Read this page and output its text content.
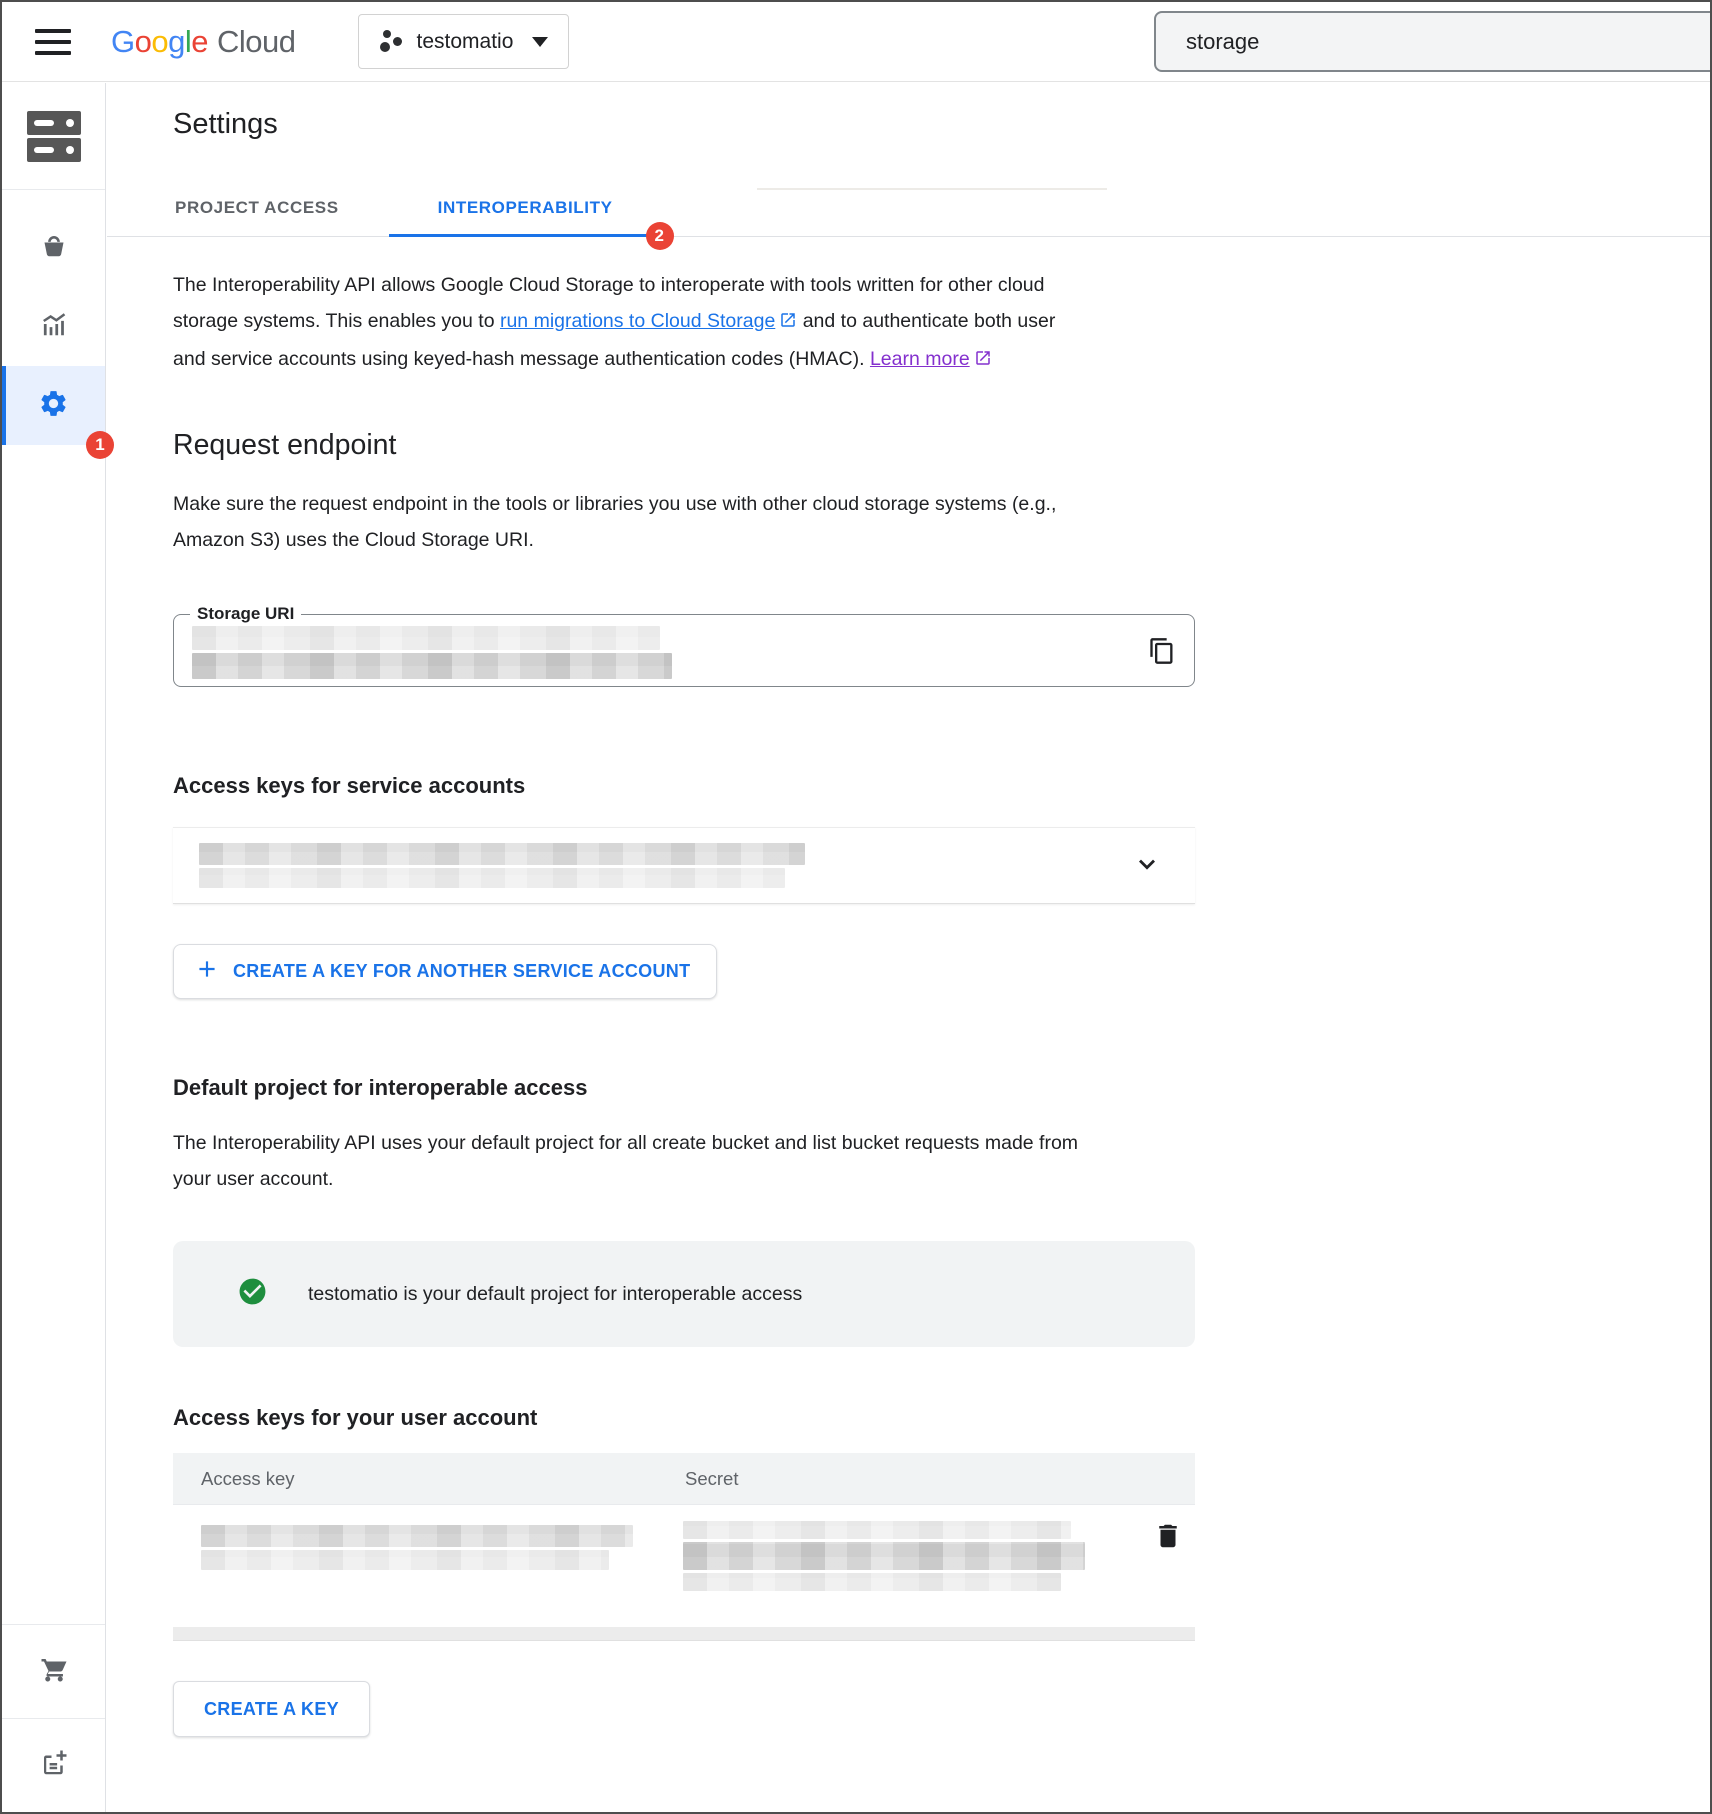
G o o g l e Cloud	testomatio
storage
1
Settings
PROJECT ACCESS	INTEROPERABILITY
2

The Interoperability API allows Google Cloud Storage to interoperate with tools written for other cloud storage systems. This enables you to run migrations to Cloud Storage and to authenticate both user and service accounts using keyed-hash message authentication codes (HMAC). Learn more

Request endpoint

Make sure the request endpoint in the tools or libraries you use with other cloud storage systems (e.g., Amazon S3) uses the Cloud Storage URI.

Storage URI
Access keys for service accounts
CREATE A KEY FOR ANOTHER SERVICE ACCOUNT
Default project for interoperable access

The Interoperability API uses your default project for all create bucket and list bucket requests made from your user account.

testomatio is your default project for interoperable access
Access keys for your user account
Access key	Secret
CREATE A KEY
